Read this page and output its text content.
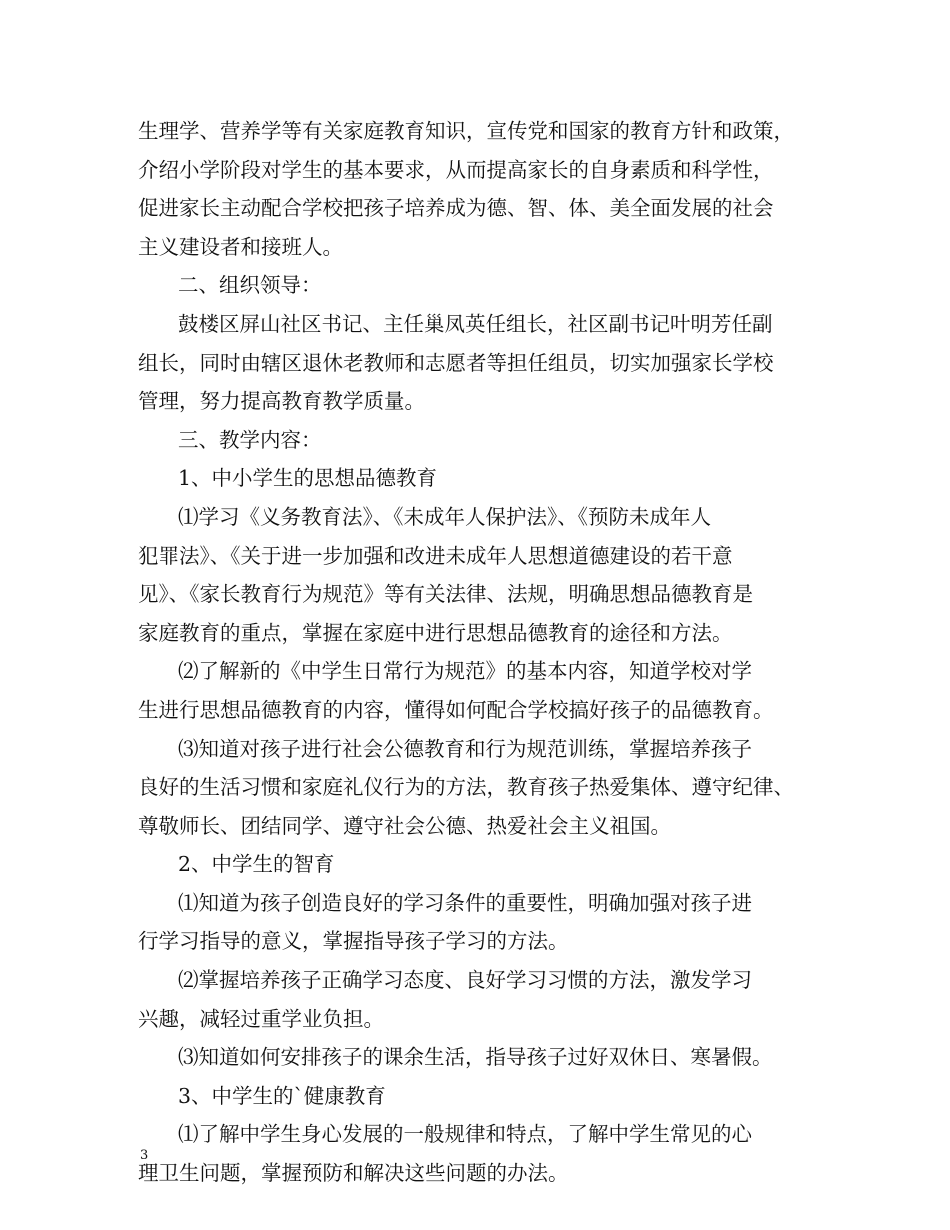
生理学、营养学等有关家庭教育知识，宣传党和国家的教育方针和政策，
介绍小学阶段对学生的基本要求，从而提高家长的自身素质和科学性，
促进家长主动配合学校把孩子培养成为德、智、体、美全面发展的社会
主义建设者和接班人。
二、组织领导：
鼓楼区屏山社区书记、主任巢凤英任组长，社区副书记叶明芳任副
组长，同时由辖区退休老教师和志愿者等担任组员，切实加强家长学校
管理，努力提高教育教学质量。
三、教学内容：
1、中小学生的思想品德教育
⑴学习《义务教育法》、《未成年人保护法》、《预防未成年人
犯罪法》、《关于进一步加强和改进未成年人思想道德建设的若干意
见》、《家长教育行为规范》等有关法律、法规，明确思想品德教育是
家庭教育的重点，掌握在家庭中进行思想品德教育的途径和方法。
⑵了解新的《中学生日常行为规范》的基本内容，知道学校对学
生进行思想品德教育的内容，懂得如何配合学校搞好孩子的品德教育。
⑶知道对孩子进行社会公德教育和行为规范训练，掌握培养孩子
良好的生活习惯和家庭礼仪行为的方法，教育孩子热爱集体、遵守纪律、
尊敬师长、团结同学、遵守社会公德、热爱社会主义祖国。
2、中学生的智育
⑴知道为孩子创造良好的学习条件的重要性，明确加强对孩子进
行学习指导的意义，掌握指导孩子学习的方法。
⑵掌握培养孩子正确学习态度、良好学习习惯的方法，激发学习
兴趣，减轻过重学业负担。
⑶知道如何安排孩子的课余生活，指导孩子过好双休日、寒暑假。
3、中学生的`健康教育
⑴了解中学生身心发展的一般规律和特点，了解中学生常见的心
理卫生问题，掌握预防和解决这些问题的办法。
3
